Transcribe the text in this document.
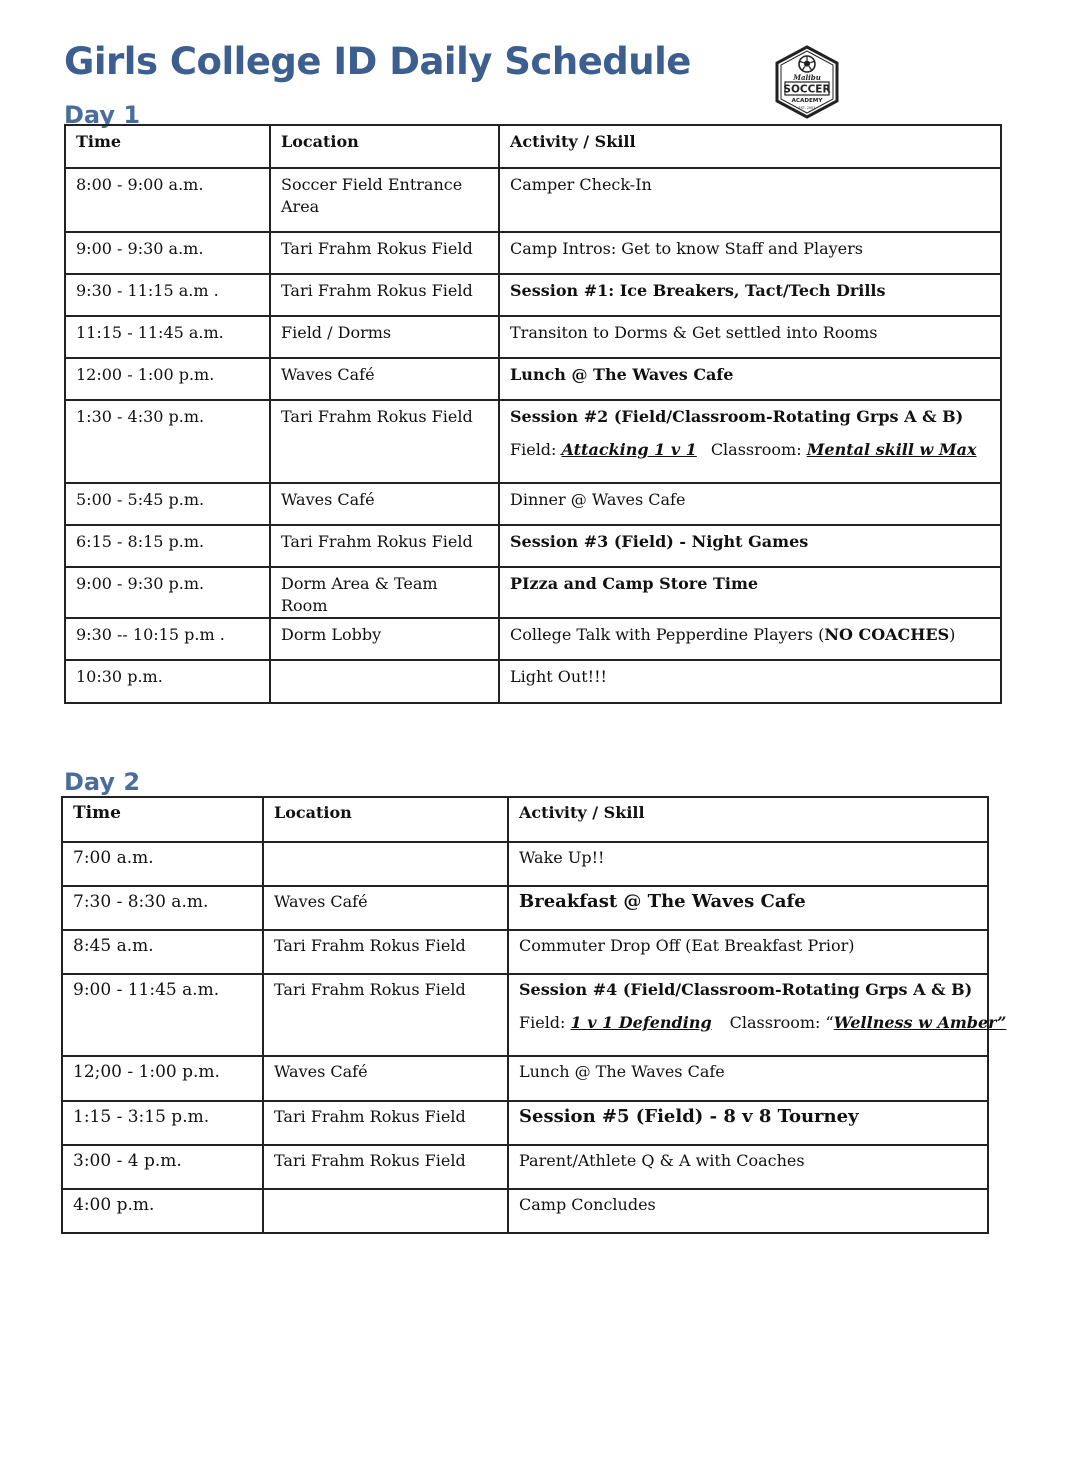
Girls College ID Daily Schedule	Malibu
SOCCER
ACADEMY
EST. 2007
Day 1
Time	Location	Activity / Skill
8:00 - 9:00 a.m.	Soccer Field Entrance Area	Camper Check-In
9:00 - 9:30 a.m.	Tari Frahm Rokus Field	Camp Intros: Get to know Staff and Players
9:30 - 11:15 a.m .	Tari Frahm Rokus Field	Session #1: Ice Breakers, Tact/Tech Drills
11:15 - 11:45 a.m.	Field / Dorms	Transiton to Dorms & Get settled into Rooms
12:00 - 1:00 p.m.	Waves Café	Lunch @ The Waves Cafe
1:30 - 4:30 p.m.	Tari Frahm Rokus Field	Session #2 (Field/Classroom-Rotating Grps A & B)
Field: Attacking 1 v 1 Classroom: Mental skill w Max

5:00 - 5:45 p.m.	Waves Café	Dinner @ Waves Cafe
6:15 - 8:15 p.m.	Tari Frahm Rokus Field	Session #3 (Field) - Night Games
9:00 - 9:30 p.m.	Dorm Area & Team Room	PIzza and Camp Store Time
9:30 -- 10:15 p.m .	Dorm Lobby	College Talk with Pepperdine Players (NO COACHES)
10:30 p.m.		Light Out!!!
Day 2
Time	Location	Activity / Skill
7:00 a.m.		Wake Up!!
7:30 - 8:30 a.m.	Waves Café	Breakfast @ The Waves Cafe
8:45 a.m.	Tari Frahm Rokus Field	Commuter Drop Off (Eat Breakfast Prior)
9:00 - 11:45 a.m.	Tari Frahm Rokus Field	Session #4 (Field/Classroom-Rotating Grps A & B)
Field: 1 v 1 Defending Classroom: “Wellness w Amber”

12;00 - 1:00 p.m.	Waves Café	Lunch @ The Waves Cafe
1:15 - 3:15 p.m.	Tari Frahm Rokus Field	Session #5 (Field) - 8 v 8 Tourney
3:00 - 4 p.m.	Tari Frahm Rokus Field	Parent/Athlete Q & A with Coaches
4:00 p.m.		Camp Concludes
